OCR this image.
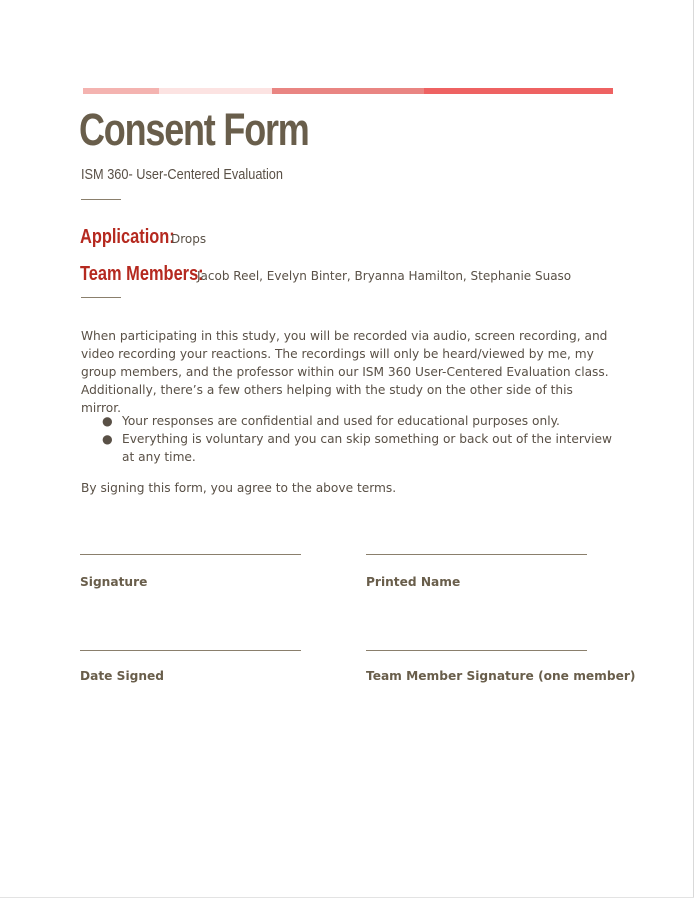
Consent Form
ISM 360- User-Centered Evaluation
Application:Drops
Team Members:Jacob Reel, Evelyn Binter, Bryanna Hamilton, Stephanie Suaso

When participating in this study, you will be recorded via audio, screen recording, and video recording your reactions. The recordings will only be heard/viewed by me, my group members, and the professor within our ISM 360 User-Centered Evaluation class. Additionally, there’s a few others helping with the study on the other side of this mirror.

● Your responses are confidential and used for educational purposes only.
● Everything is voluntary and you can skip something or back out of the interview at any time.

By signing this form, you agree to the above terms.

Signature	Printed Name
Date Signed	Team Member Signature (one member)
